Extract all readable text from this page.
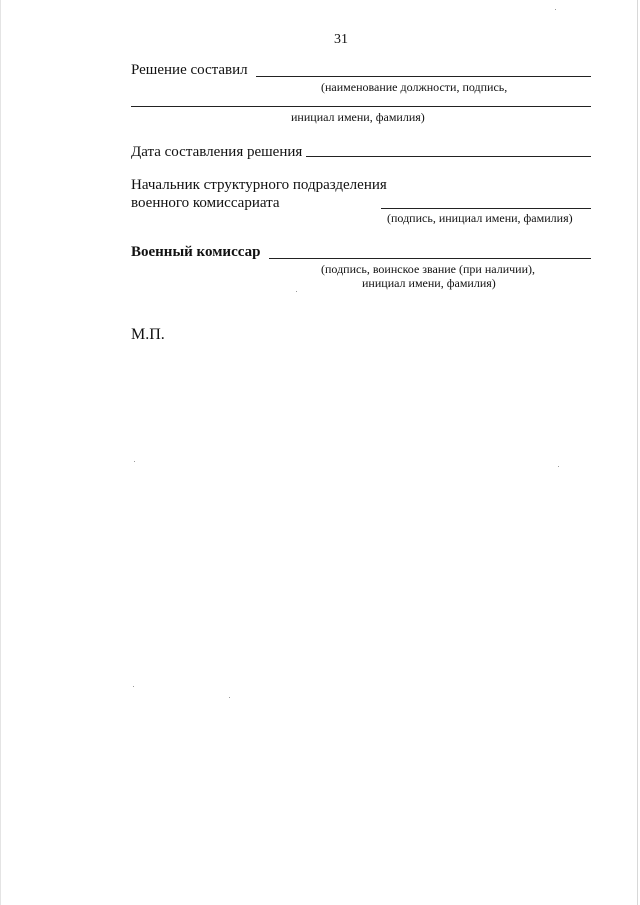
31
Решение составил
(наименование должности, подпись,
инициал имени, фамилия)
Дата составления решения
Начальник структурного подразделения
военного комиссариата
(подпись, инициал имени, фамилия)
Военный комиссар
(подпись, воинское звание (при наличии),
инициал имени, фамилия)
М.П.
